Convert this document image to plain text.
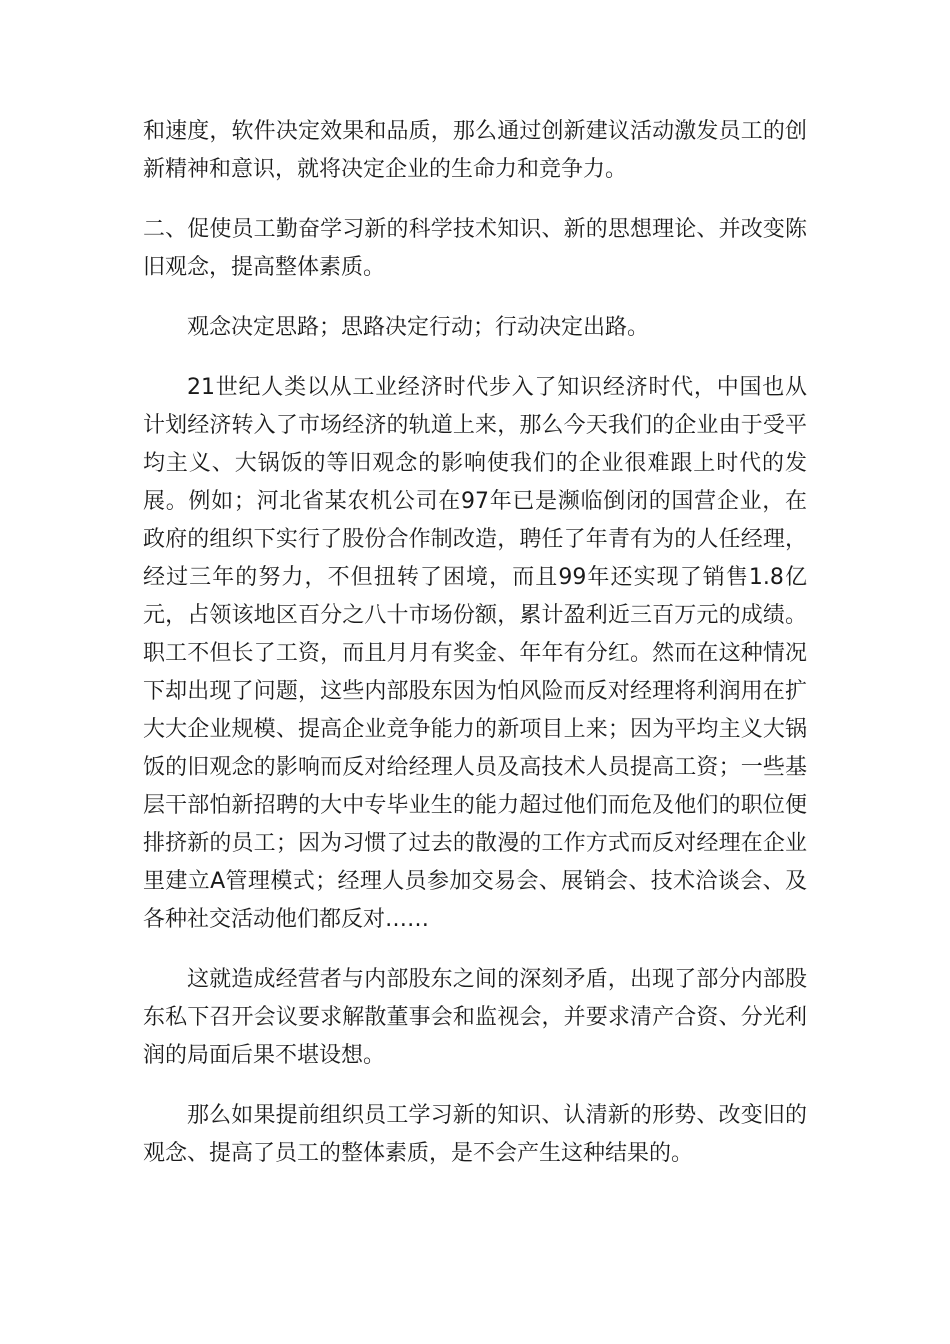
和速度，软件决定效果和品质，那么通过创新建议活动激发员工的创新精神和意识，就将决定企业的生命力和竞争力。

二、促使员工勤奋学习新的科学技术知识、新的思想理论、并改变陈旧观念，提高整体素质。

观念决定思路；思路决定行动；行动决定出路。

21世纪人类以从工业经济时代步入了知识经济时代，中国也从计划经济转入了市场经济的轨道上来，那么今天我们的企业由于受平均主义、大锅饭的等旧观念的影响使我们的企业很难跟上时代的发展。例如；河北省某农机公司在97年已是濒临倒闭的国营企业，在政府的组织下实行了股份合作制改造，聘任了年青有为的人任经理，经过三年的努力，不但扭转了困境，而且99年还实现了销售1.8亿元，占领该地区百分之八十市场份额，累计盈利近三百万元的成绩。职工不但长了工资，而且月月有奖金、年年有分红。然而在这种情况下却出现了问题，这些内部股东因为怕风险而反对经理将利润用在扩大大企业规模、提高企业竞争能力的新项目上来；因为平均主义大锅饭的旧观念的影响而反对给经理人员及高技术人员提高工资；一些基层干部怕新招聘的大中专毕业生的能力超过他们而危及他们的职位便排挤新的员工；因为习惯了过去的散漫的工作方式而反对经理在企业里建立A管理模式；经理人员参加交易会、展销会、技术洽谈会、及各种社交活动他们都反对……

这就造成经营者与内部股东之间的深刻矛盾，出现了部分内部股东私下召开会议要求解散董事会和监视会，并要求清产合资、分光利润的局面后果不堪设想。

那么如果提前组织员工学习新的知识、认清新的形势、改变旧的观念、提高了员工的整体素质，是不会产生这种结果的。
